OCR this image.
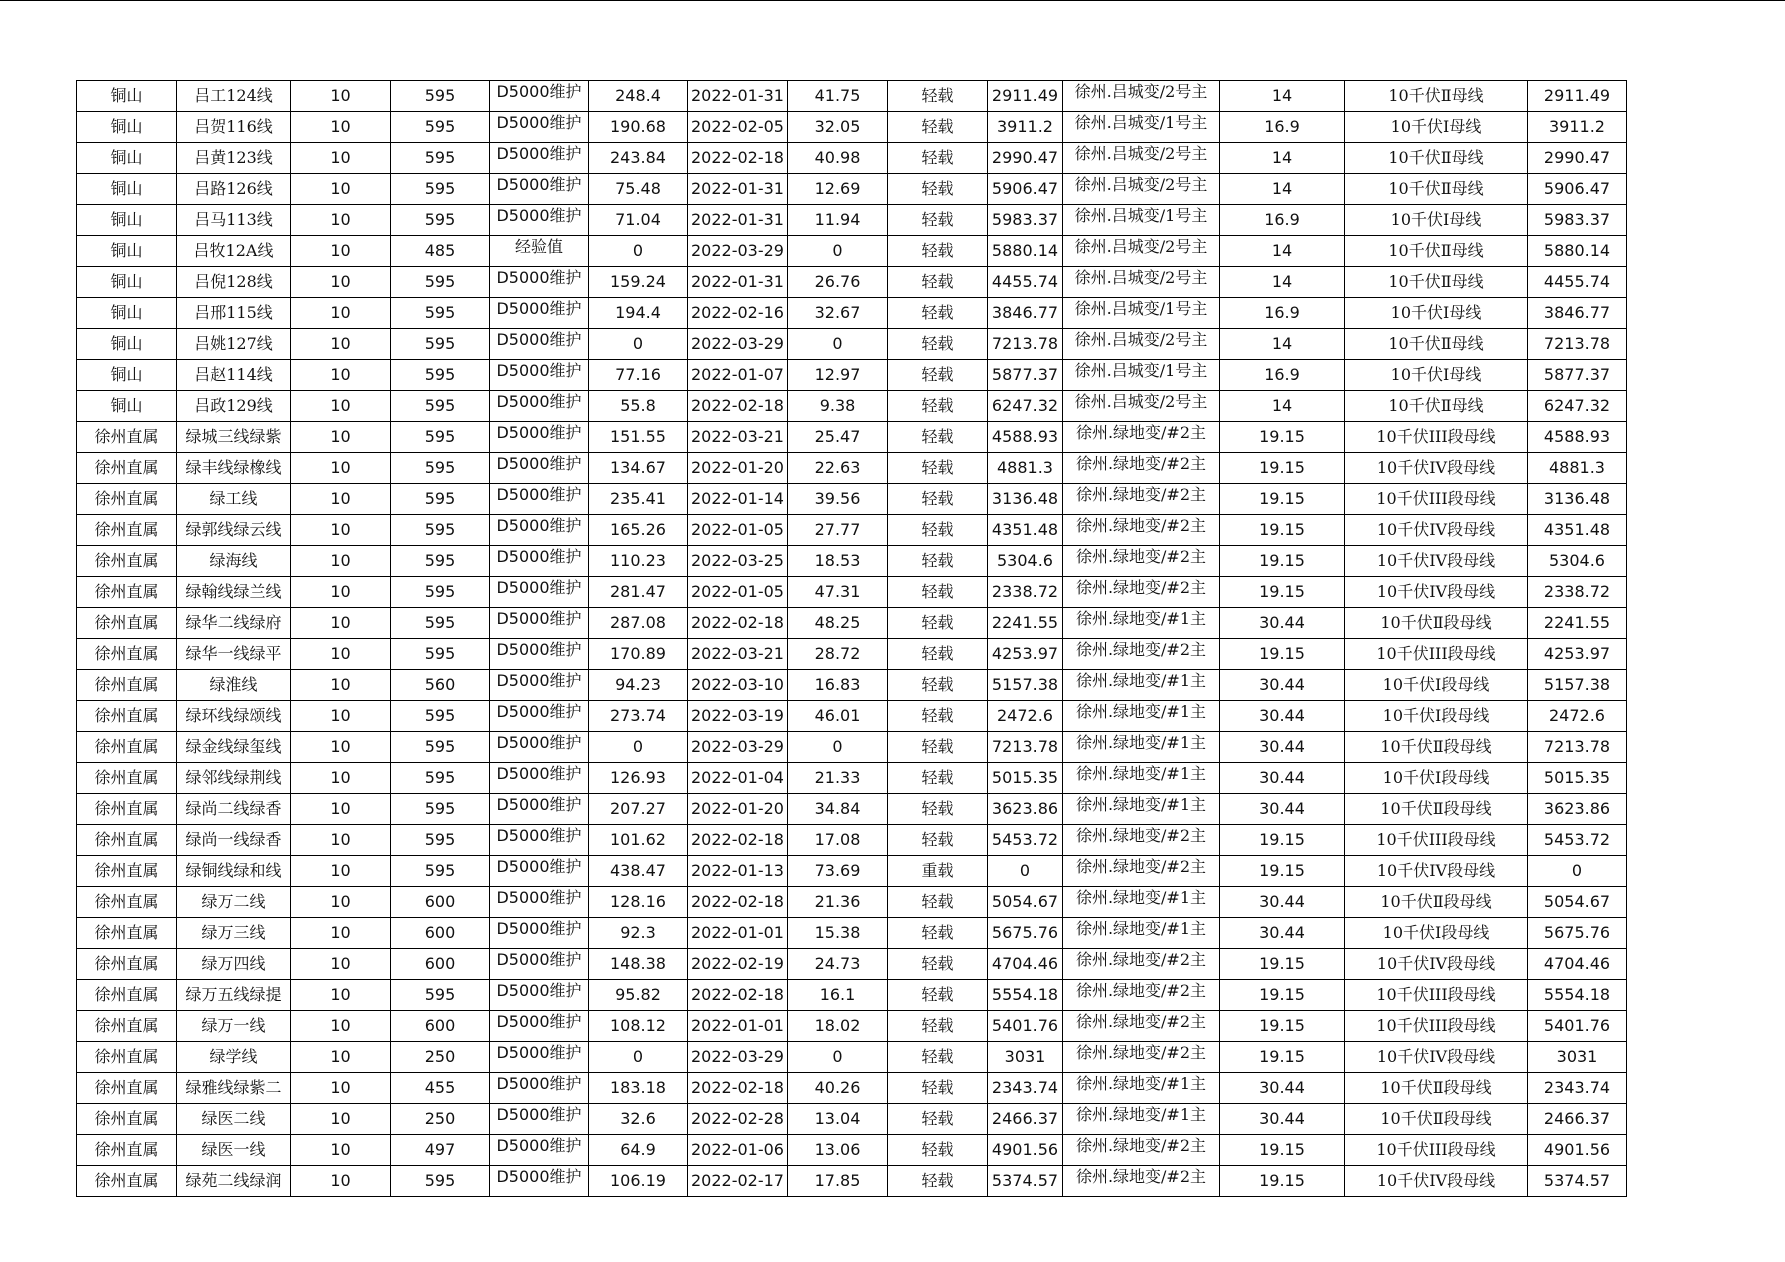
铜山	吕工124线	10	595	D5000维护	248.4	2022-01-31	41.75	轻载	2911.49	徐州.吕城变/2号主	14	10千伏Ⅱ母线	2911.49
铜山	吕贺116线	10	595	D5000维护	190.68	2022-02-05	32.05	轻载	3911.2	徐州.吕城变/1号主	16.9	10千伏Ⅰ母线	3911.2
铜山	吕黄123线	10	595	D5000维护	243.84	2022-02-18	40.98	轻载	2990.47	徐州.吕城变/2号主	14	10千伏Ⅱ母线	2990.47
铜山	吕路126线	10	595	D5000维护	75.48	2022-01-31	12.69	轻载	5906.47	徐州.吕城变/2号主	14	10千伏Ⅱ母线	5906.47
铜山	吕马113线	10	595	D5000维护	71.04	2022-01-31	11.94	轻载	5983.37	徐州.吕城变/1号主	16.9	10千伏Ⅰ母线	5983.37
铜山	吕牧12A线	10	485	经验值	0	2022-03-29	0	轻载	5880.14	徐州.吕城变/2号主	14	10千伏Ⅱ母线	5880.14
铜山	吕倪128线	10	595	D5000维护	159.24	2022-01-31	26.76	轻载	4455.74	徐州.吕城变/2号主	14	10千伏Ⅱ母线	4455.74
铜山	吕邢115线	10	595	D5000维护	194.4	2022-02-16	32.67	轻载	3846.77	徐州.吕城变/1号主	16.9	10千伏Ⅰ母线	3846.77
铜山	吕姚127线	10	595	D5000维护	0	2022-03-29	0	轻载	7213.78	徐州.吕城变/2号主	14	10千伏Ⅱ母线	7213.78
铜山	吕赵114线	10	595	D5000维护	77.16	2022-01-07	12.97	轻载	5877.37	徐州.吕城变/1号主	16.9	10千伏Ⅰ母线	5877.37
铜山	吕政129线	10	595	D5000维护	55.8	2022-02-18	9.38	轻载	6247.32	徐州.吕城变/2号主	14	10千伏Ⅱ母线	6247.32
徐州直属	绿城三线绿紫	10	595	D5000维护	151.55	2022-03-21	25.47	轻载	4588.93	徐州.绿地变/#2主	19.15	10千伏III段母线	4588.93
徐州直属	绿丰线绿橡线	10	595	D5000维护	134.67	2022-01-20	22.63	轻载	4881.3	徐州.绿地变/#2主	19.15	10千伏IV段母线	4881.3
徐州直属	绿工线	10	595	D5000维护	235.41	2022-01-14	39.56	轻载	3136.48	徐州.绿地变/#2主	19.15	10千伏III段母线	3136.48
徐州直属	绿郭线绿云线	10	595	D5000维护	165.26	2022-01-05	27.77	轻载	4351.48	徐州.绿地变/#2主	19.15	10千伏IV段母线	4351.48
徐州直属	绿海线	10	595	D5000维护	110.23	2022-03-25	18.53	轻载	5304.6	徐州.绿地变/#2主	19.15	10千伏IV段母线	5304.6
徐州直属	绿翰线绿兰线	10	595	D5000维护	281.47	2022-01-05	47.31	轻载	2338.72	徐州.绿地变/#2主	19.15	10千伏IV段母线	2338.72
徐州直属	绿华二线绿府	10	595	D5000维护	287.08	2022-02-18	48.25	轻载	2241.55	徐州.绿地变/#1主	30.44	10千伏Ⅱ段母线	2241.55
徐州直属	绿华一线绿平	10	595	D5000维护	170.89	2022-03-21	28.72	轻载	4253.97	徐州.绿地变/#2主	19.15	10千伏III段母线	4253.97
徐州直属	绿淮线	10	560	D5000维护	94.23	2022-03-10	16.83	轻载	5157.38	徐州.绿地变/#1主	30.44	10千伏Ⅰ段母线	5157.38
徐州直属	绿环线绿颂线	10	595	D5000维护	273.74	2022-03-19	46.01	轻载	2472.6	徐州.绿地变/#1主	30.44	10千伏Ⅰ段母线	2472.6
徐州直属	绿金线绿玺线	10	595	D5000维护	0	2022-03-29	0	轻载	7213.78	徐州.绿地变/#1主	30.44	10千伏Ⅱ段母线	7213.78
徐州直属	绿邻线绿荆线	10	595	D5000维护	126.93	2022-01-04	21.33	轻载	5015.35	徐州.绿地变/#1主	30.44	10千伏Ⅰ段母线	5015.35
徐州直属	绿尚二线绿香	10	595	D5000维护	207.27	2022-01-20	34.84	轻载	3623.86	徐州.绿地变/#1主	30.44	10千伏Ⅱ段母线	3623.86
徐州直属	绿尚一线绿香	10	595	D5000维护	101.62	2022-02-18	17.08	轻载	5453.72	徐州.绿地变/#2主	19.15	10千伏III段母线	5453.72
徐州直属	绿铜线绿和线	10	595	D5000维护	438.47	2022-01-13	73.69	重载	0	徐州.绿地变/#2主	19.15	10千伏IV段母线	0
徐州直属	绿万二线	10	600	D5000维护	128.16	2022-02-18	21.36	轻载	5054.67	徐州.绿地变/#1主	30.44	10千伏Ⅱ段母线	5054.67
徐州直属	绿万三线	10	600	D5000维护	92.3	2022-01-01	15.38	轻载	5675.76	徐州.绿地变/#1主	30.44	10千伏Ⅰ段母线	5675.76
徐州直属	绿万四线	10	600	D5000维护	148.38	2022-02-19	24.73	轻载	4704.46	徐州.绿地变/#2主	19.15	10千伏IV段母线	4704.46
徐州直属	绿万五线绿提	10	595	D5000维护	95.82	2022-02-18	16.1	轻载	5554.18	徐州.绿地变/#2主	19.15	10千伏III段母线	5554.18
徐州直属	绿万一线	10	600	D5000维护	108.12	2022-01-01	18.02	轻载	5401.76	徐州.绿地变/#2主	19.15	10千伏III段母线	5401.76
徐州直属	绿学线	10	250	D5000维护	0	2022-03-29	0	轻载	3031	徐州.绿地变/#2主	19.15	10千伏IV段母线	3031
徐州直属	绿雅线绿紫二	10	455	D5000维护	183.18	2022-02-18	40.26	轻载	2343.74	徐州.绿地变/#1主	30.44	10千伏Ⅱ段母线	2343.74
徐州直属	绿医二线	10	250	D5000维护	32.6	2022-02-28	13.04	轻载	2466.37	徐州.绿地变/#1主	30.44	10千伏Ⅱ段母线	2466.37
徐州直属	绿医一线	10	497	D5000维护	64.9	2022-01-06	13.06	轻载	4901.56	徐州.绿地变/#2主	19.15	10千伏III段母线	4901.56
徐州直属	绿苑二线绿润	10	595	D5000维护	106.19	2022-02-17	17.85	轻载	5374.57	徐州.绿地变/#2主	19.15	10千伏IV段母线	5374.57
